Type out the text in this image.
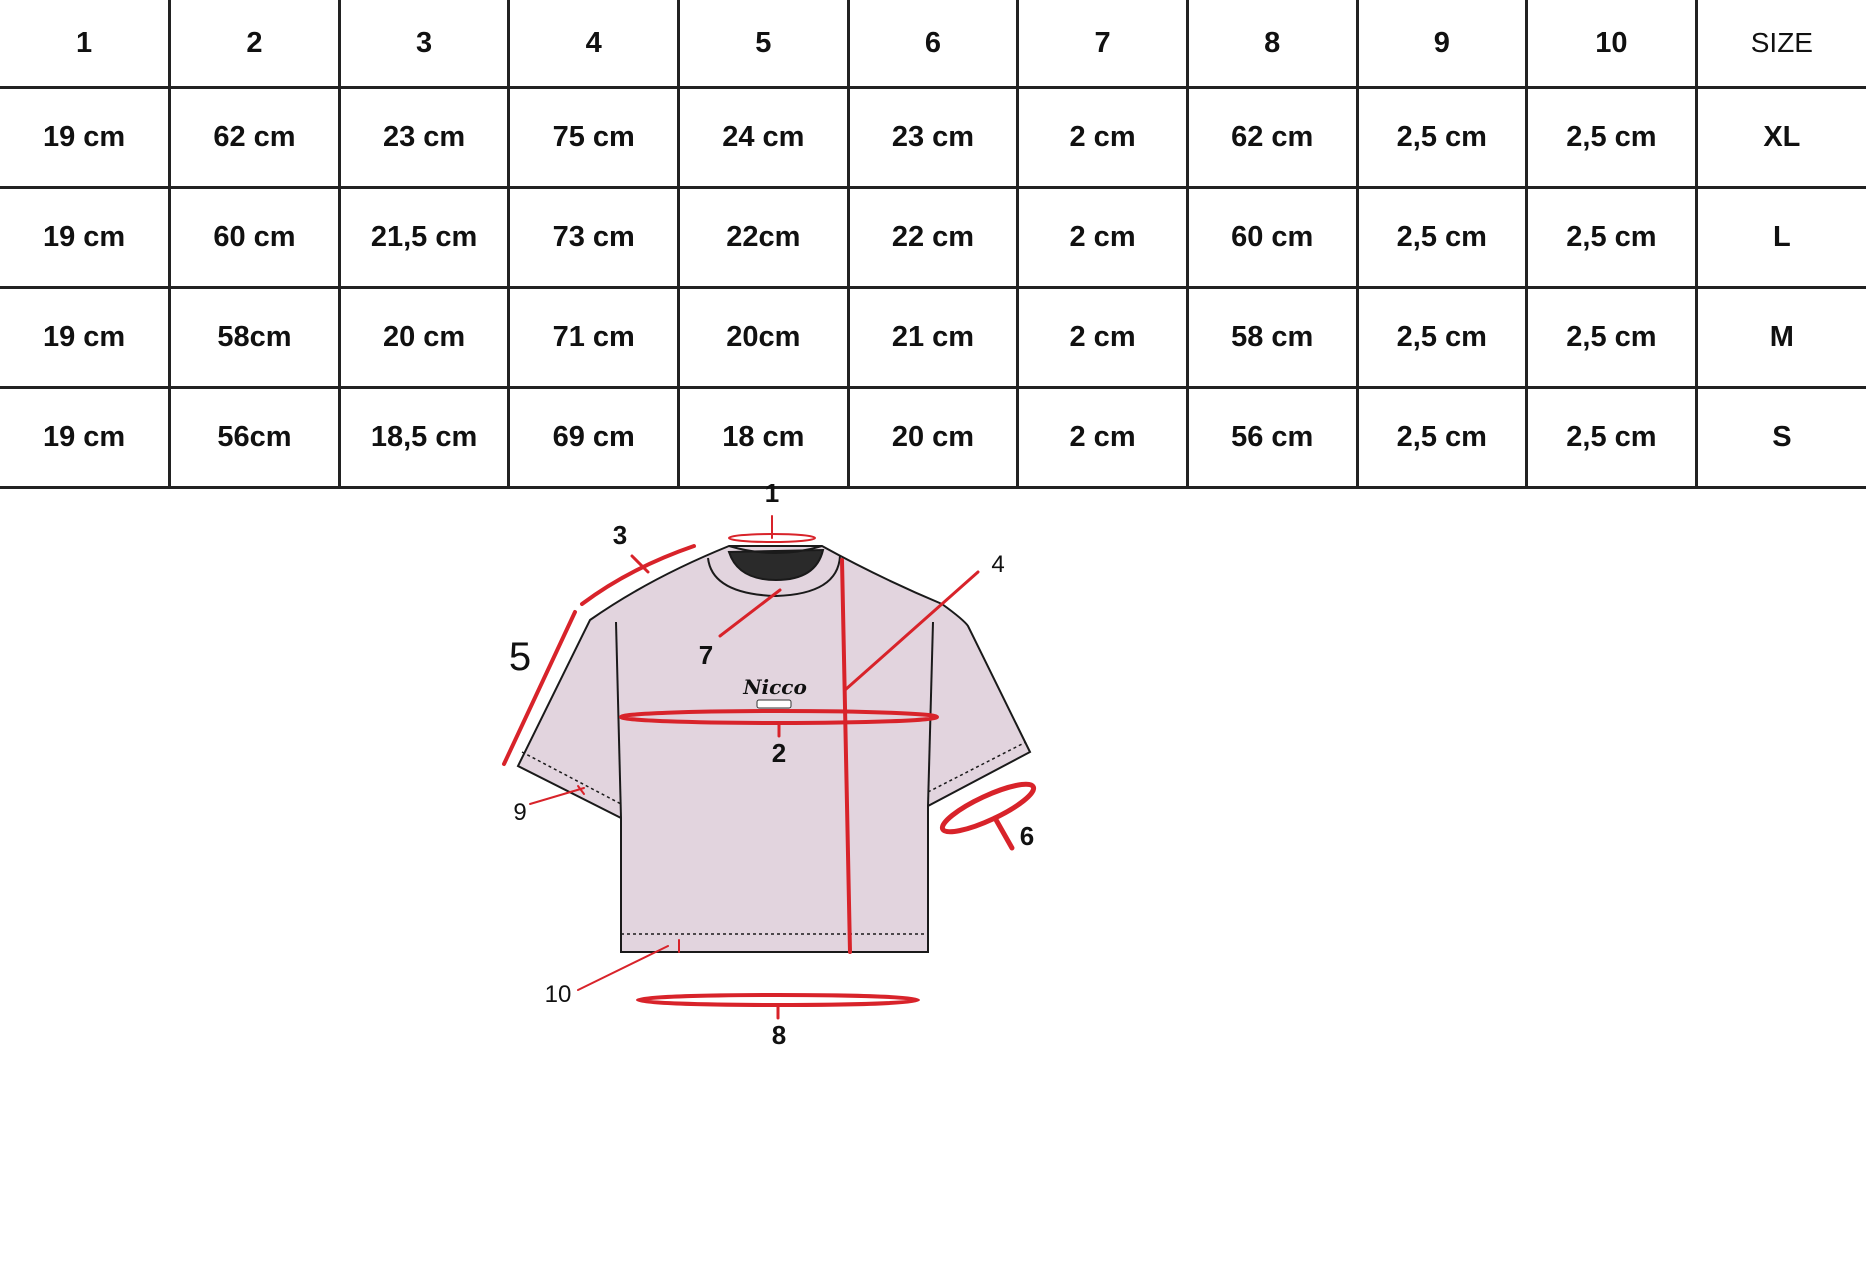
1	2	3	4	5	6	7	8	9	10	SIZE
19 cm	62 cm	23 cm	75 cm	24 cm	23 cm	2 cm	62 cm	2,5 cm	2,5 cm	XL
19 cm	60 cm	21,5 cm	73 cm	22cm	22 cm	2 cm	60 cm	2,5 cm	2,5 cm	L
19 cm	58cm	20 cm	71 cm	20cm	21 cm	2 cm	58 cm	2,5 cm	2,5 cm	M
19 cm	56cm	18,5 cm	69 cm	18 cm	20 cm	2 cm	56 cm	2,5 cm	2,5 cm	S
Nicco
1
2
3
4
5
6
7
8
9
10
